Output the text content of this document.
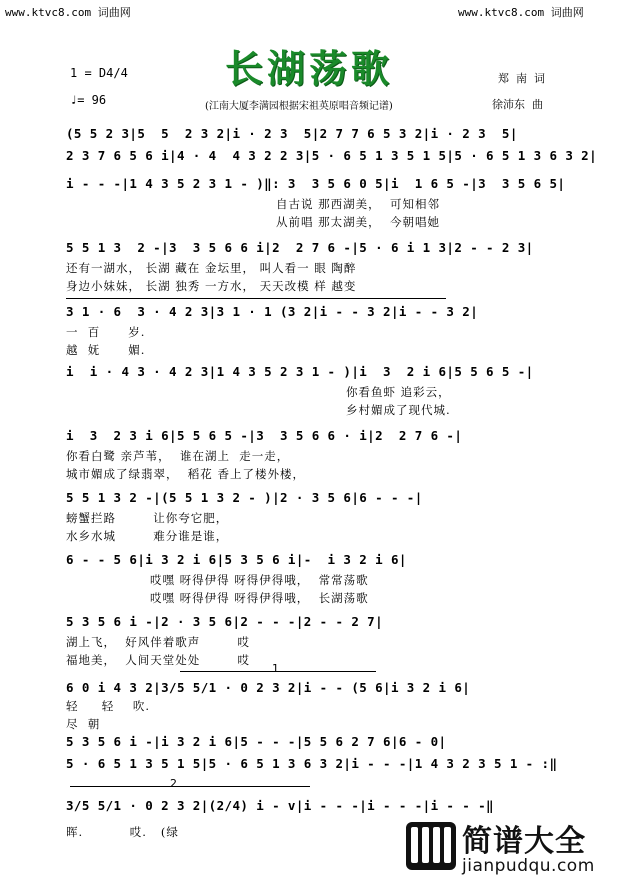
www.ktvc8.com 词曲网	www.ktvc8.com 词曲网
长湖荡歌
1 = D4/4
♩= 96
郑  南  词
徐沛东  曲
(江南大厦李满园根据宋祖英原唱音频记谱)
(5 5 2 3|5  5  2 3 2|i · 2 3  5|2 7 7 6 5 3 2|i · 2 3  5|
2 3 7 6 5 6 i|4 · 4  4 3 2 2 3|5 · 6 5 1 3 5 1 5|5 · 6 5 1 3 6 3 2|
i - - -|1 4 3 5 2 3 1 - )‖: 3  3 5 6 0 5|i  1 6 5 -|3  3 5 6 5|
自古说 那西湖美，  可知相邻
从前唱 那太湖美，  今朝唱她
5 5 1 3  2 -|3  3 5 6 6 i|2  2 7 6 -|5 · 6 i 1 3|2 - - 2 3|
还有一湖水， 长湖 藏在 金坛里， 叫人看一 眼 陶醉
身边小妹妹， 长湖 独秀 一方水， 天天改模 样 越变
3 1 · 6  3 · 4 2 3|3 1 · 1 (3 2|i - - 3 2|i - - 3 2|
一  百      岁.
越  妩      媚.
i  i · 4 3 · 4 2 3|1 4 3 5 2 3 1 - )|i  3  2 i 6|5 5 6 5 -|
你看鱼虾 追彩云，
乡村媚成了现代城.
i  3  2 3 i 6|5 5 6 5 -|3  3 5 6 6 · i|2  2 7 6 -|
你看白鹭 亲芦苇，  谁在湖上  走一走，
城市媚成了绿翡翠，  稻花 香上了楼外楼，
5 5 1 3 2 -|(5 5 1 3 2 - )|2 · 3 5 6|6 - - -|
螃蟹拦路        让你夸它肥，
水乡水城        难分谁是谁，
6 - - 5 6|i 3 2 i 6|5 3 5 6 i|-  i 3 2 i 6|
哎嘿 呀得伊得 呀得伊得哦，  常常荡歌
哎嘿 呀得伊得 呀得伊得哦，  长湖荡歌
5 3 5 6 i -|2 · 3 5 6|2 - - -|2 - - 2 7|
湖上飞，  好风伴着歌声        哎
福地美，  人间天堂处处        哎
1
6 0 i 4 3 2|3/5 5/1 · 0 2 3 2|i - - (5 6|i 3 2 i 6|
轻     轻    吹.
尽  朝
5 3 5 6 i -|i 3 2 i 6|5 - - -|5 5 6 2 7 6|6 - 0|
5 · 6 5 1 3 5 1 5|5 · 6 5 1 3 6 3 2|i - - -|1 4 3 2 3 5 1 - :‖
2
3/5 5/1 · 0 2 3 2|(2/4) i - v|i - - -|i - - -|i - - -‖
晖.          哎.   (绿	简谱大全
jianpudqu.com
